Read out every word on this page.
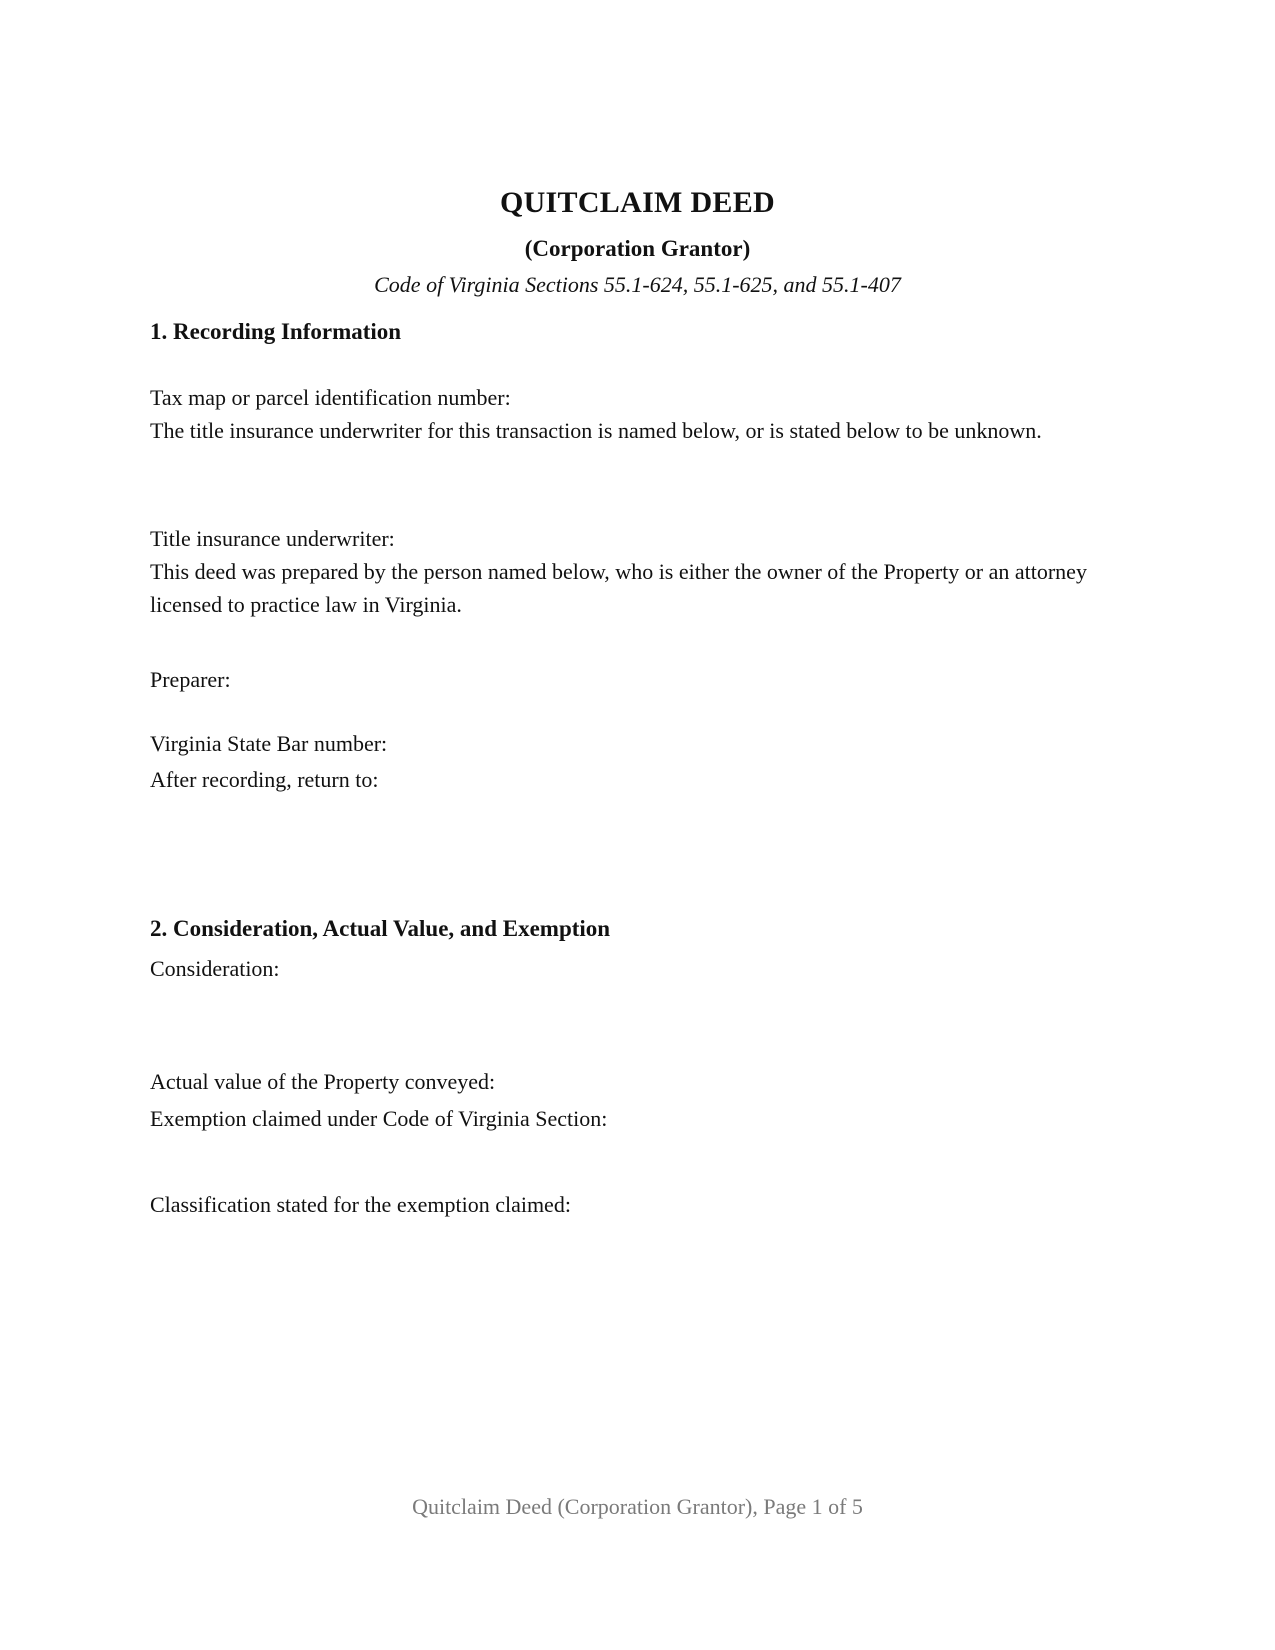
QUITCLAIM DEED
(Corporation Grantor)
Code of Virginia Sections 55.1-624, 55.1-625, and 55.1-407
1. Recording Information
Tax map or parcel identification number:
The title insurance underwriter for this transaction is named below, or is stated below to be unknown.
Title insurance underwriter:
This deed was prepared by the person named below, who is either the owner of the Property or an attorney licensed to practice law in Virginia.
Preparer:
Virginia State Bar number:
After recording, return to:
2. Consideration, Actual Value, and Exemption
Consideration:
Actual value of the Property conveyed:
Exemption claimed under Code of Virginia Section:
Classification stated for the exemption claimed:
Quitclaim Deed (Corporation Grantor), Page 1 of 5
